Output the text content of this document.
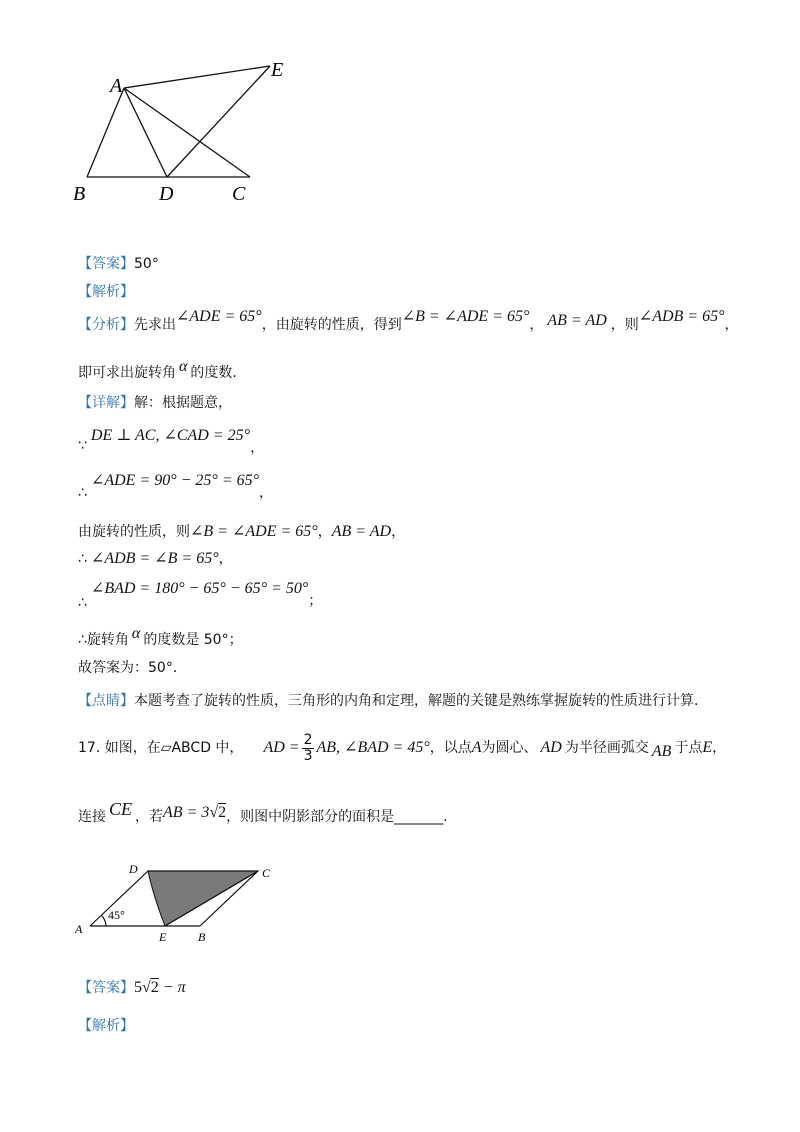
A
E
B	D	C
【答案】50°
【解析】
【分析】先求出∠ADE = 65°，由旋转的性质，得到∠B = ∠ADE = 65°， AB = AD ，则∠ADB = 65°，
即可求出旋转角 α 的度数.
【详解】解：根据题意，
∵DE ⊥ AC, ∠CAD = 25°，
∴∠ADE = 90° − 25° = 65°，
由旋转的性质，则∠B = ∠ADE = 65°，AB = AD，
∴ ∠ADB = ∠B = 65°，
∴∠BAD = 180° − 65° − 65° = 50°；
∴旋转角 α 的度数是 50°；
故答案为：50°．
【点睛】本题考查了旋转的性质，三角形的内角和定理，解题的关键是熟练掌握旋转的性质进行计算.
17. 如图，在▱ABCD 中， AD = $\frac{2}{3}$ AB, ∠BAD = 45° ，以点 A 为圆心、 AD 为半径画弧交 AB 于点 E ，
连接 CE ，若AB = 3√2，则图中阴影部分的面积是_______.
D	C
A
E	B
45°
【答案】5√2 − π
【解析】
